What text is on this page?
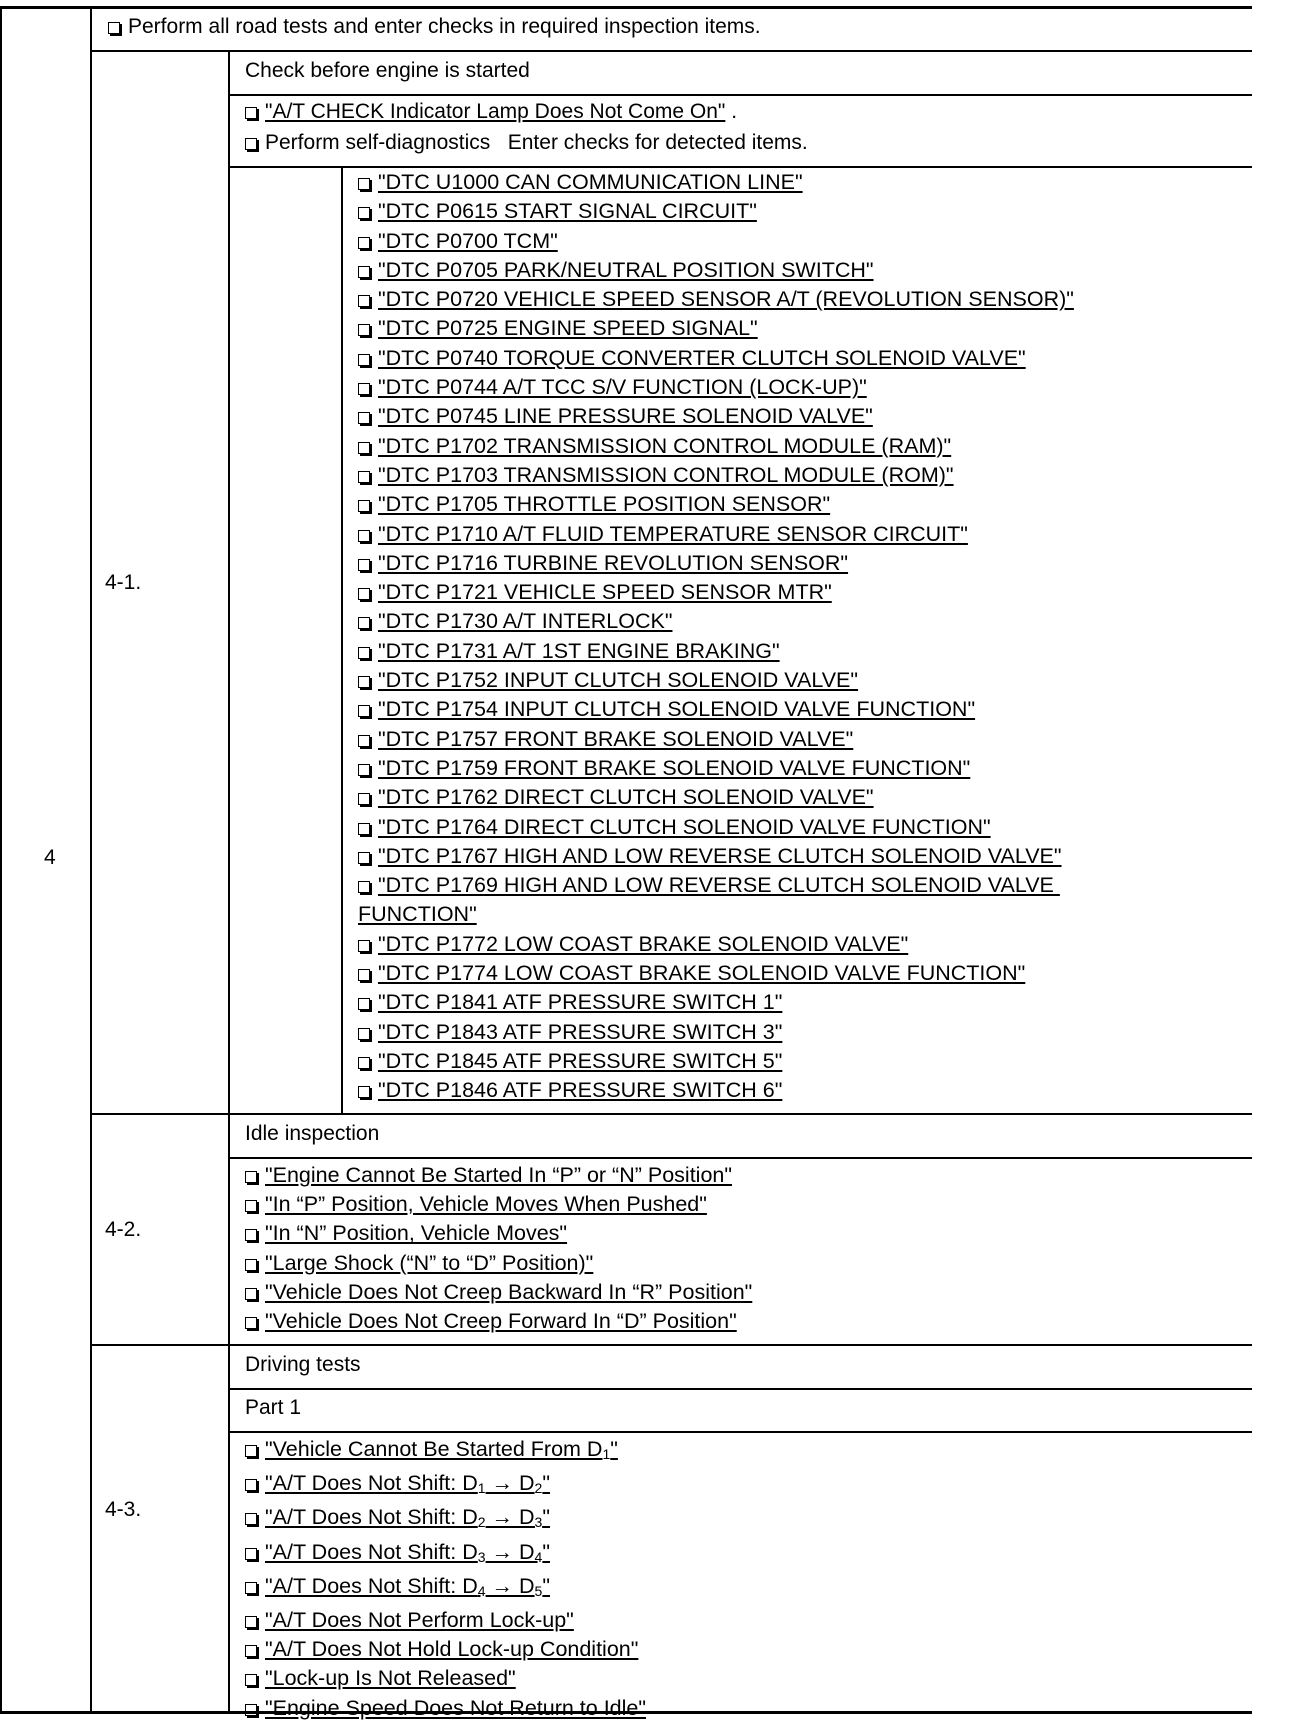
4
Perform all road tests and enter checks in required inspection items.
4-1.
Check before engine is started
"A/T CHECK Indicator Lamp Does Not Come On" .
Perform self-diagnostics   Enter checks for detected items.
"DTC U1000 CAN COMMUNICATION LINE"
"DTC P0615 START SIGNAL CIRCUIT"
"DTC P0700 TCM"
"DTC P0705 PARK/NEUTRAL POSITION SWITCH"
"DTC P0720 VEHICLE SPEED SENSOR A/T (REVOLUTION SENSOR)"
"DTC P0725 ENGINE SPEED SIGNAL"
"DTC P0740 TORQUE CONVERTER CLUTCH SOLENOID VALVE"
"DTC P0744 A/T TCC S/V FUNCTION (LOCK-UP)"
"DTC P0745 LINE PRESSURE SOLENOID VALVE"
"DTC P1702 TRANSMISSION CONTROL MODULE (RAM)"
"DTC P1703 TRANSMISSION CONTROL MODULE (ROM)"
"DTC P1705 THROTTLE POSITION SENSOR"
"DTC P1710 A/T FLUID TEMPERATURE SENSOR CIRCUIT"
"DTC P1716 TURBINE REVOLUTION SENSOR"
"DTC P1721 VEHICLE SPEED SENSOR MTR"
"DTC P1730 A/T INTERLOCK"
"DTC P1731 A/T 1ST ENGINE BRAKING"
"DTC P1752 INPUT CLUTCH SOLENOID VALVE"
"DTC P1754 INPUT CLUTCH SOLENOID VALVE FUNCTION"
"DTC P1757 FRONT BRAKE SOLENOID VALVE"
"DTC P1759 FRONT BRAKE SOLENOID VALVE FUNCTION"
"DTC P1762 DIRECT CLUTCH SOLENOID VALVE"
"DTC P1764 DIRECT CLUTCH SOLENOID VALVE FUNCTION"
"DTC P1767 HIGH AND LOW REVERSE CLUTCH SOLENOID VALVE"
"DTC P1769 HIGH AND LOW REVERSE CLUTCH SOLENOID VALVE
FUNCTION"
"DTC P1772 LOW COAST BRAKE SOLENOID VALVE"
"DTC P1774 LOW COAST BRAKE SOLENOID VALVE FUNCTION"
"DTC P1841 ATF PRESSURE SWITCH 1"
"DTC P1843 ATF PRESSURE SWITCH 3"
"DTC P1845 ATF PRESSURE SWITCH 5"
"DTC P1846 ATF PRESSURE SWITCH 6"
4-2.
Idle inspection
"Engine Cannot Be Started In “P” or “N” Position"
"In “P” Position, Vehicle Moves When Pushed"
"In “N” Position, Vehicle Moves"
"Large Shock (“N” to “D” Position)"
"Vehicle Does Not Creep Backward In “R” Position"
"Vehicle Does Not Creep Forward In “D” Position"
4-3.
Driving tests
Part 1
"Vehicle Cannot Be Started From $D_1$"
"A/T Does Not Shift: $D_1 \to D_2$"
"A/T Does Not Shift: $D_2 \to D_3$"
"A/T Does Not Shift: $D_3 \to D_4$"
"A/T Does Not Shift: $D_4 \to D_5$"
"A/T Does Not Perform Lock-up"
"A/T Does Not Hold Lock-up Condition"
"Lock-up Is Not Released"
"Engine Speed Does Not Return to Idle"
